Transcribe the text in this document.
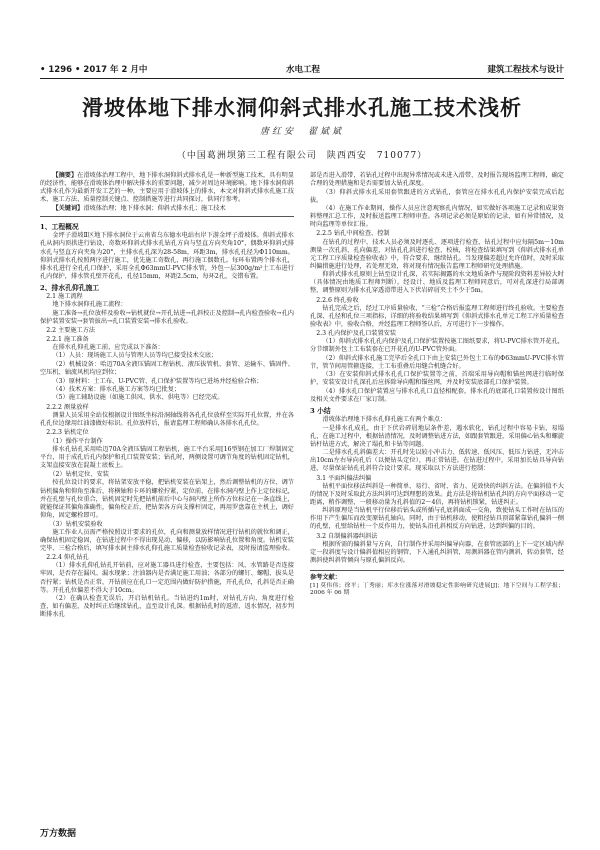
• 1296 • 2017 年 2 月中	水电工程	建筑工程技术与设计
滑坡体地下排水洞仰斜式排水孔施工技术浅析
唐红安　翟斌斌
（中国葛洲坝第三工程有限公司　陕西西安　710077）
【摘要】在滑坡体治理工程中，地下排水洞仰斜式排水孔是一种新型施工技术，具有明显的经济性，能够在滑坡体治理中解决排水的重要问题，减少对周边环境影响。地下排水洞仰斜式排水孔作为最新开发工艺的一种，主要应用于滑坡体上的排水，本文对仰斜式排水孔施工技术、施工方法、质量控制关键点、控制措施等进行共同探讨，供同行参考。
【关键词】滑坡体治理；地下排水洞；仰斜式排水孔；施工技术
1、工程概况
金坪子滑坡Ⅱ区地下排水洞位于云南省乌东德水电站右岸下游金坪子滑坡体。仰斜式排水孔从洞内顶拱进行钻设，奇数环仰斜式排水孔钻孔方向与竖直方向夹角10°，偶数环仰斜式排水孔与竖直方向夹角为20°，主排水孔孔深为28-58m，环距3m，排水孔孔径为Φ110mm。仰斜式排水孔按照两序进行施工，优先施工奇数孔，再行施工偶数孔。每环布置两个排水孔，排水孔进行全孔孔口保护，采用全孔Φ63mmU-PVC排水管，外包一层300g/m²土工布进行孔内保护，排水管孔壁开花孔，孔径15mm，环距2.5cm，每环2孔，交错布置。
2、排水孔仰孔施工
2.1 施工流程
地下排水洞仰孔施工流程：
施工准备→孔位放样及验收→钻机就位→开孔钻进→孔斜校正及控制→孔内检查验收→孔内保护装置安装→套管拔出→孔口装置安装→排水孔验收。
2.2 主要施工方法
2.2.1 施工准备
在排水孔仰孔施工前，应完成以下准备：
（1）人员：现场施工人员与管理人员等均已接受技术交底；
（2）机械设备：哈迈70A全液压锚固工程钻机、液压拔管机、套管、运输车、锚固件、空压机、轴流风机均应到位；
（3）原材料：土工布、U-PVC管、孔口保护装置等均已进场并经检验合格；
（4）技术方案：排水孔施工方案等均已批复；
（5）施工辅助设施（如施工供风、供水、供电等）已经完成。
2.2.2 测量放样
测量人员采用全站仪根据设计图纸坐标沿洞轴线将各孔孔位放样至实际开孔位置，并在各孔孔位边缘用红油漆做好标识。孔位放样后，报请监理工程师确认各排水孔孔位。
2.2.3 钻机定位
（1）操作平台制作
排水孔钻孔采用哈迈70A全液压锚固工程钻机，施工平台采用[16型钢在加工厂焊制固定平台，用于成孔后孔内保护和孔口装置安装；钻孔时，两侧设置可调节角度的钻机固定钻机，支架直接安放在混凝土底板上。
（2）钻机定位、安装
按孔位设计的要求，将钻架安放平稳，把钻机安装在钻架上，然后调整钻机的方位、调节钻机偏角和仰角至准后，将横轴和卡环的螺栓拧紧，定位前，在排水洞内壁上作上定位标记，并在孔壁与孔位重合，钻机固定时先把钻机前后中心与洞内壁上所作方位标记在一条直线上，就能保证其偏角准确性，偏角校正后，把钻架各方向支撑杆固定，再用罗盘靠在主机上，调好仰角，固定螺栓即可。
（3）钻机安装验收
施工作业人员需严格按照设计要求的孔位，孔向和测量放样情况进行钻机的就位和调正，确保钻机固定稳固，在钻进过程中不得出现晃动、偏移，以防影响钻孔位置和角度。钻机安装完毕、三检合格后，填写排水洞主排水孔仰孔施工质量检查验收记录表，及时报请监理验收。
2.2.4 仰孔钻孔
（1）排水孔仰孔钻孔开钻前，应对施工器具进行检查，主要包括：风、水管路是否连接牢固，是否存在漏风、漏水现象；注油器内是否满足施工用油；各部分的螺钉、螺帽、拔头是否拧紧；钻机是否正常，开钻前应在孔口一定范围内做好防护措施，开孔孔位，孔斜是否正确等。开孔孔位偏差不得大于10cm。
（2）在确认检查无误后，开启钻机钻孔。当钻进约1m时，对钻孔方向、角度进行检查，如有偏差，及时纠正后继续钻孔，直至设计孔深。根据钻孔时的返渣、返水情况，初步判断排水孔
部是否进入滑带，若钻孔过程中出现异常情况或未进入滑带，及时报告现场监理工程师，确定合理的处理措施和是否需要加大钻孔深度。
（3）仰斜式排水孔采用套管跟进的方式钻孔，套管应在排水孔孔内保护安装完成后起拔。
（4）在施工作业期间，操作人员应注意观察孔内情况，如实做好各项施工记录和成果资料整理汇总工作，及时报送监理工程师审查。各项记录必须是原始的记录，如有异常情况，及时向监理等单位汇报。
2.2.5 钻孔中间检查、控制
在钻孔的过程中，技术人员必须及时逐孔、逐项进行检查，钻孔过程中应每隔5m～10m测量一次孔斜、孔向偏差，对钻孔孔斜进行检查，校核，将检查结果填写到《仰斜式排水孔单元工程工序质量检查验收表》中，符合要求，继续钻孔。当发现偏差超过允许值时，及时采取纠偏措施进行处理，若处理无效，将对现有情况报告监理工程师研究处理措施。
仰斜式排水孔原则上钻至设计孔深，若实际揭露的水文地质条件与现阶段资料差异较大时（具体情况由地质工程师判断），经设计、地质及监理工程师同意后，可对孔深进行局部调整，调整原则为排水孔穿透滑带进入下伏岩碎屑夹土不少于5m。
2.2.6 终孔验收
钻孔完成之后，经过工序质量验收，“三检”合格后报监理工程师进行终孔验收。主要检查孔深、孔径和孔位三项指标，详细的将验收结果填写到《仰斜式排水孔单元工程工序质量检查验收表》中，验收合格，并经监理工程师签认后，方可进行下一步操作。
2.3 孔内保护及孔口装置安装
（1）仰斜式排水孔孔内保护及孔口保护装置按施工图纸要求，将U-PVC排水管开花孔，分节细制外包土工布装套在已开花孔的U-PVC管外面。
（2）仰斜式排水孔施工完毕后全孔口下由上安装已外包土工布的Φ63mmU-PVC排水管节，管节间用管箍连接，土工布重叠后用缝合机缝合好。
（3）在安装仰斜式排水孔孔口保护装置等之前，首端采用导向帽和锚丝网进行临时保护，安装安设计孔深孔后应拆除导向帽和锚丝网，并及时安装底部孔口保护装置。
（4）排水孔口保护装置应与排水孔孔口直径相配套，排水孔的底部孔口装置按设计图纸及相关文件要求在厂家订制。
3 小结
滑坡体治理地下排水孔仰孔施工有两个难点：
一是排水孔成孔，由于下伏岩碎屑地层条件差，遇水软化，钻孔过程中容易卡钻，易塌孔，在施工过程中，根据钻渣情况，及时调整钻进方法，如跟套管跟进，采用偏心钻头和螺旋钻杆钻进方式，解决了塌孔和卡钻等问题。
二是排水孔孔斜偏差大：开孔时先以较小冲击力、低转速、低风压、低压力钻进，无冲击出10cm左右导向孔后（以便钻头定位），再正常钻进。在钻进过程中，采用加长钻具导向钻进，尽量保证钻孔孔斜符合设计要求。现采取以下方法进行控制：
3.1 平面纠偏法纠偏
钻机平面位移法纠斜是一种简单、易行、省时、省力、见效快的纠斜方法。在偏斜值不大的情况下及时采取此方法纠斜可达到理想的效果。此方法是将钻机钻孔纠的方向平面移动一定距离，稍作调整，一般移动量为孔斜值的2～4倍，再将钻机锁紧，钻进纠正。
纠斜原理是当钻机平行位移后钻头或所插与孔底斜面成一交角，致使钻头工作时在钻压的作用下产生偏压而改变原钻孔轴向。同时，由于钻机移动，使粗径钻具顶部紧靠钻孔偏斜一侧的孔壁，孔壁给钻柱一个反作用力，使钻头沿孔斜相反方向钻进，达到纠偏的目的。
3.2 自制偏斜器纠斜法
根据所需的偏斜量与方向，自行制作并采用纠偏导向器，在套管底部的上下一定区域内焊定一段斜度与设计偏斜值相应的钢管，下入通孔纠斜管，用测斜器在管内测斜，转动套管，经测斜使纠斜管倾向与原孔偏斜反向。
参考文献：
[1] 莫伟伟；徐平；丁秀丽；库水位涨落对滑坡稳定性影响研究进展[J]；地下空间与工程学报；2006 年 06 期
万方数据
